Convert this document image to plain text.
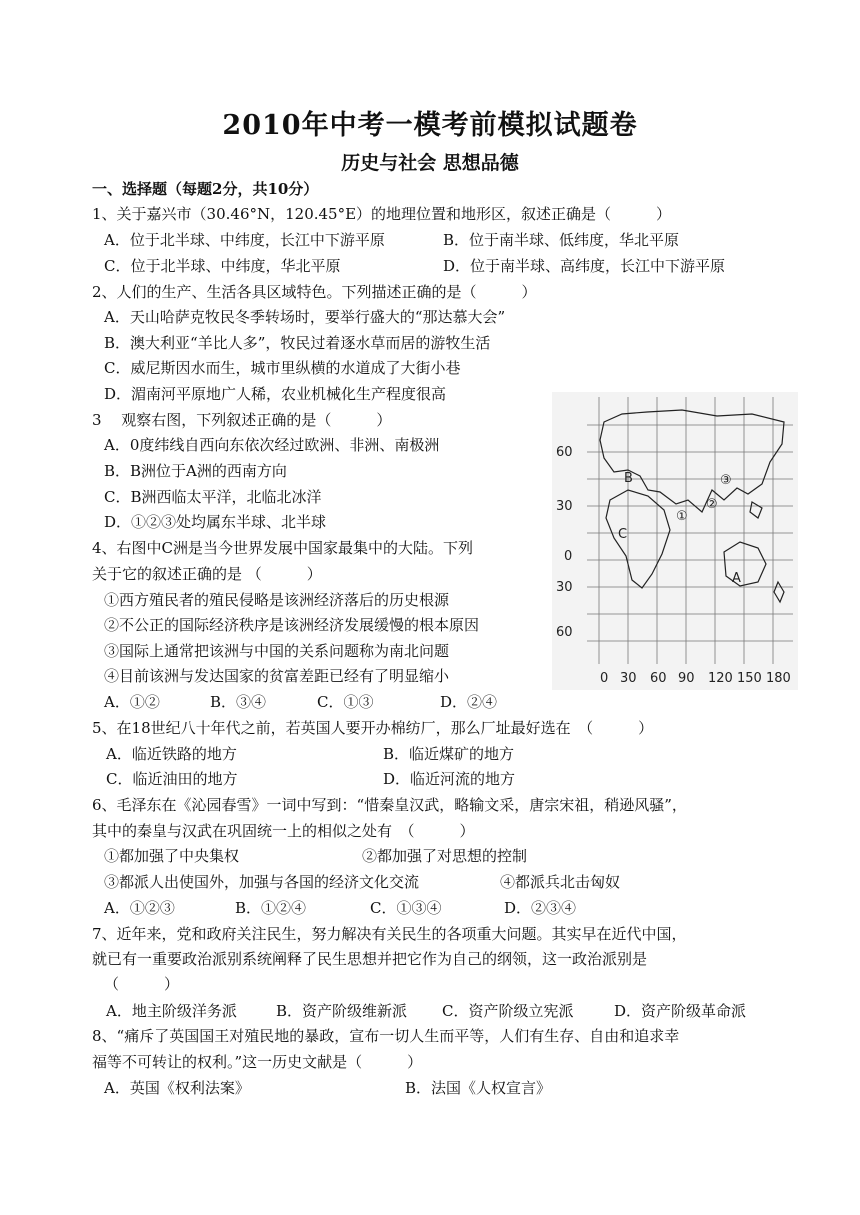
2010年中考一模考前模拟试题卷
历史与社会 思想品德
一、选择题（每题2分，共10分）
1、关于嘉兴市（30.46°N，120.45°E）的地理位置和地形区，叙述正确是（　　　）
A．位于北半球、中纬度，长江中下游平原	B．位于南半球、低纬度，华北平原
C．位于北半球、中纬度，华北平原	D．位于南半球、高纬度，长江中下游平原
2、人们的生产、生活各具区域特色。下列描述正确的是（　　　）
A．天山哈萨克牧民冬季转场时，要举行盛大的“那达慕大会”
B．澳大利亚“羊比人多”，牧民过着逐水草而居的游牧生活
C．威尼斯因水而生，城市里纵横的水道成了大街小巷
D．湄南河平原地广人稀，农业机械化生产程度很高
3　 观察右图，下列叙述正确的是（　　　）
A．0度纬线自西向东依次经过欧洲、非洲、南极洲
B．B洲位于A洲的西南方向
C．B洲西临太平洋，北临北冰洋
D．①②③处均属东半球、北半球
4、右图中C洲是当今世界发展中国家最集中的大陆。下列
关于它的叙述正确的是 （　　　）
①西方殖民者的殖民侵略是该洲经济落后的历史根源
②不公正的国际经济秩序是该洲经济发展缓慢的根本原因
③国际上通常把该洲与中国的关系问题称为南北问题
④目前该洲与发达国家的贫富差距已经有了明显缩小
A．①②	B．③④	C．①③	D．②④
5、在18世纪八十年代之前，若英国人要开办棉纺厂，那么厂址最好选在　（　　　）
A．临近铁路的地方	B．临近煤矿的地方
C．临近油田的地方	D．临近河流的地方
6、毛泽东在《沁园春雪》一词中写到：“惜秦皇汉武，略输文采，唐宗宋祖，稍逊风骚”，
其中的秦皇与汉武在巩固统一上的相似之处有　（　　　）
①都加强了中央集权	②都加强了对思想的控制
③都派人出使国外，加强与各国的经济文化交流	④都派兵北击匈奴
A．①②③	B．①②④	C．①③④	D．②③④
7、近年来，党和政府关注民生，努力解决有关民生的各项重大问题。其实早在近代中国，
就已有一重要政治派别系统阐释了民生思想并把它作为自己的纲领，这一政治派别是
（　　　）
A．地主阶级洋务派	B．资产阶级维新派 C．资产阶级立宪派	D．资产阶级革命派
8、“痛斥了英国国王对殖民地的暴政，宣布一切人生而平等，人们有生存、自由和追求幸
福等不可转让的权利。”这一历史文献是（　　　）
A．英国《权利法案》	B．法国《人权宣言》
60
30
0
30
60
0 30 60 90 120 150 180
B
C
A
①
②
③
